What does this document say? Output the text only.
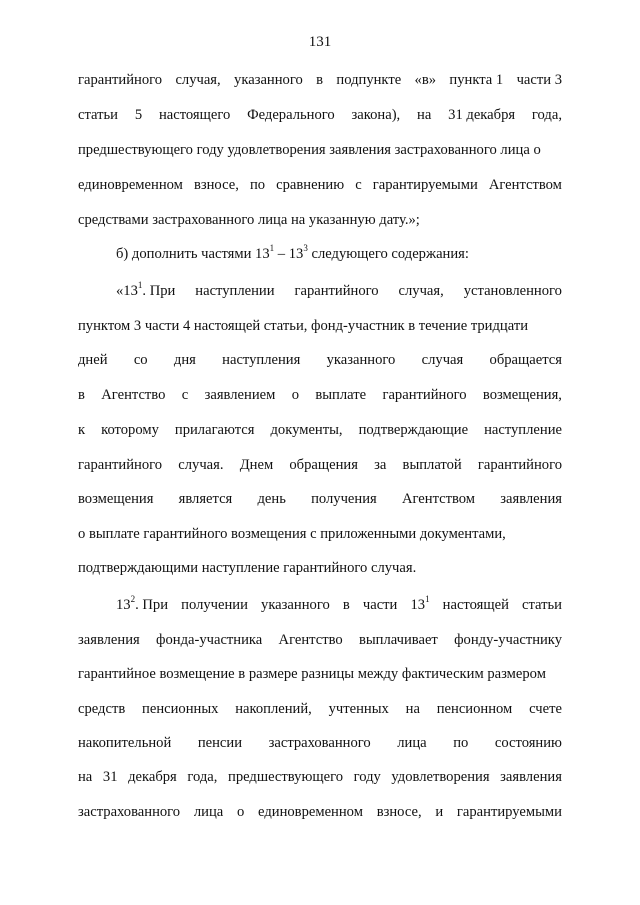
131
гарантийного случая, указанного в подпункте «в» пункта 1 части 3
статьи 5 настоящего Федерального закона), на 31 декабря года,
предшествующего году удовлетворения заявления застрахованного лица о
единовременном взносе, по сравнению с гарантируемыми Агентством
средствами застрахованного лица на указанную дату.»;
б) дополнить частями $13^1 - 13^3$ следующего содержания:
«$13^1$. При наступлении гарантийного случая, установленного
пунктом 3 части 4 настоящей статьи, фонд-участник в течение тридцати
дней со дня наступления указанного случая обращается
в Агентство с заявлением о выплате гарантийного возмещения,
к которому прилагаются документы, подтверждающие наступление
гарантийного случая. Днем обращения за выплатой гарантийного
возмещения является день получения Агентством заявления
о выплате гарантийного возмещения с приложенными документами,
подтверждающими наступление гарантийного случая.
$13^2$. При получении указанного в части $13^1$ настоящей статьи
заявления фонда-участника Агентство выплачивает фонду-участнику
гарантийное возмещение в размере разницы между фактическим размером
средств пенсионных накоплений, учтенных на пенсионном счете
накопительной пенсии застрахованного лица по состоянию
на 31 декабря года, предшествующего году удовлетворения заявления
застрахованного лица о единовременном взносе, и гарантируемыми
